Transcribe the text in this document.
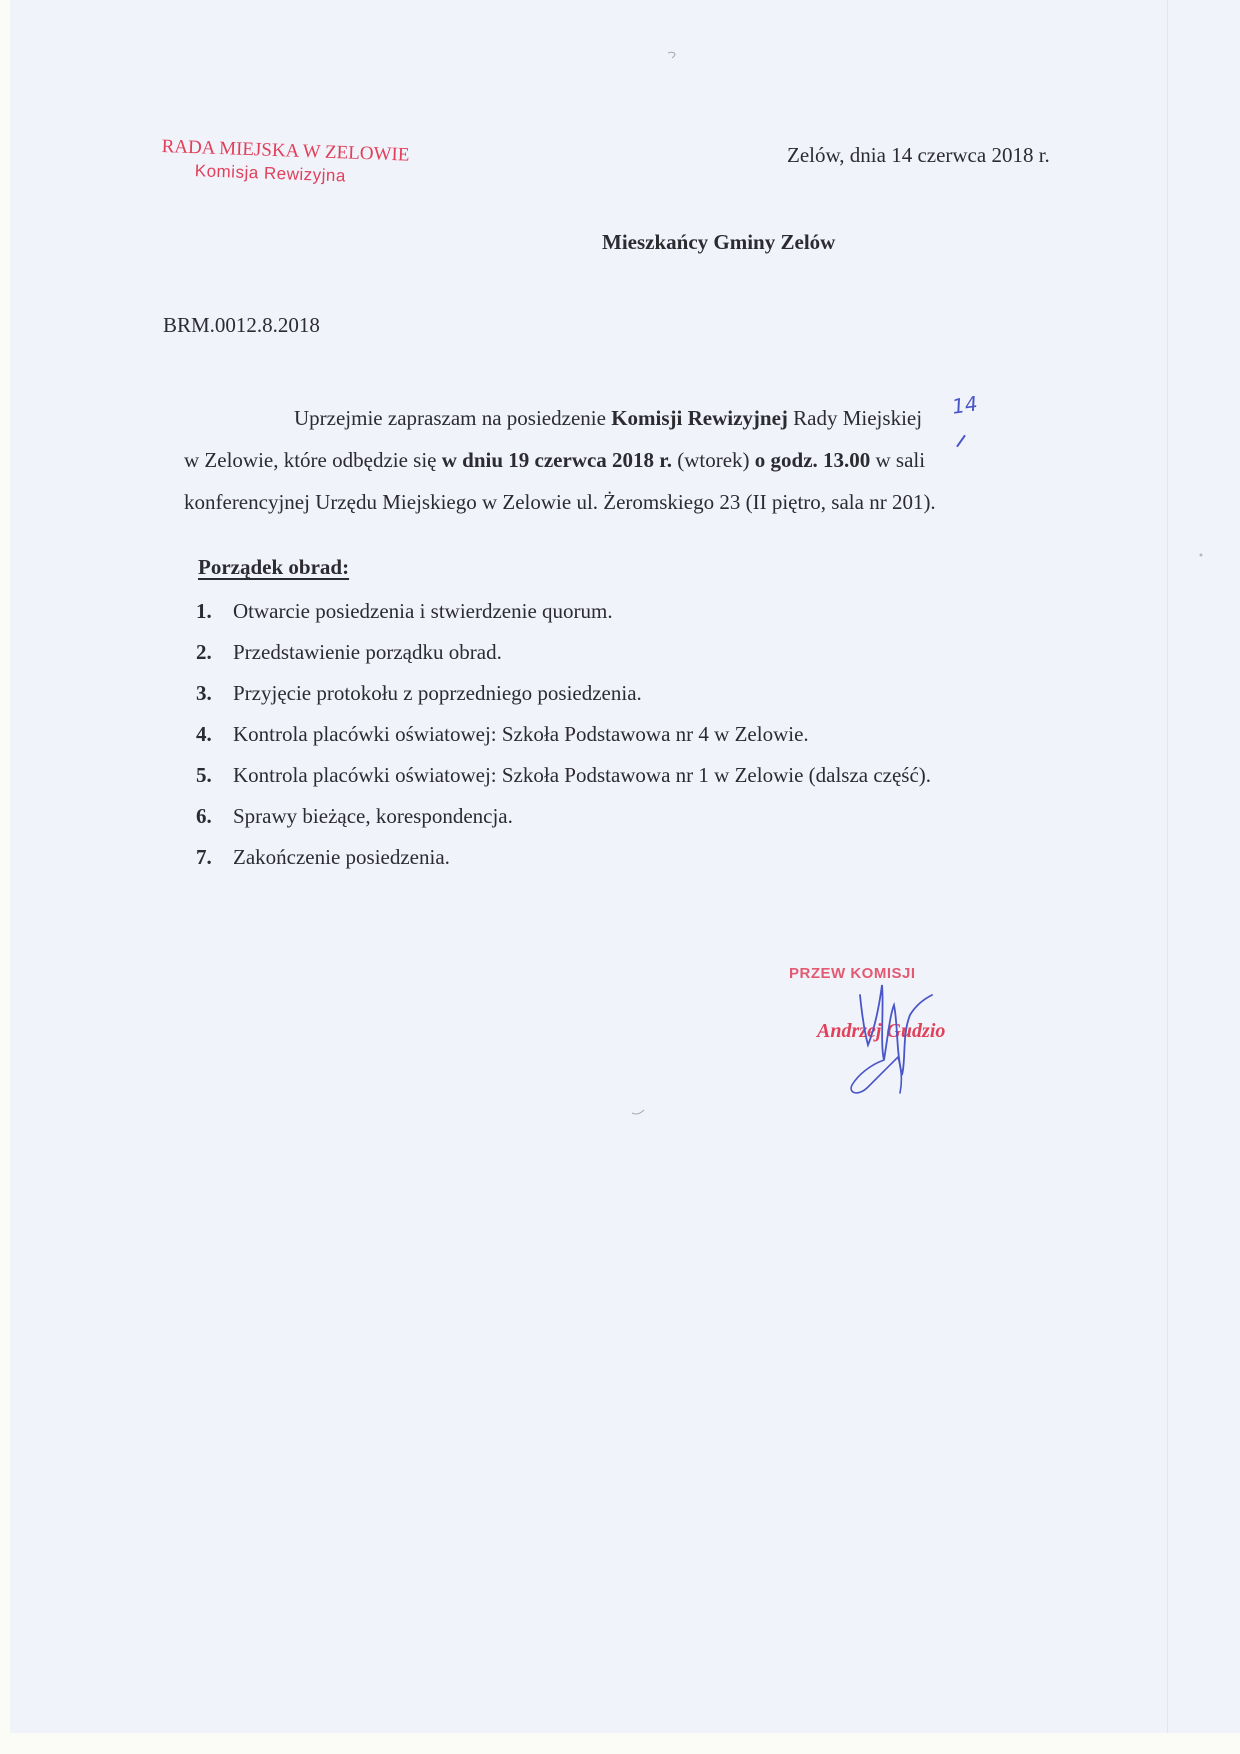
RADA MIEJSKA W ZELOWIE
Komisja Rewizyjna
Zelów, dnia 14 czerwca 2018 r.
Mieszkańcy Gminy Zelów
BRM.0012.8.2018
Uprzejmie zapraszam na posiedzenie Komisji Rewizyjnej Rady Miejskiej
w Zelowie, które odbędzie się w dniu 19 czerwca 2018 r. (wtorek) o godz. 13.00 w sali
konferencyjnej Urzędu Miejskiego w Zelowie ul. Żeromskiego 23 (II piętro, sala nr 201).
14
Porządek obrad:
1. Otwarcie posiedzenia i stwierdzenie quorum.
2. Przedstawienie porządku obrad.
3. Przyjęcie protokołu z poprzedniego posiedzenia.
4. Kontrola placówki oświatowej: Szkoła Podstawowa nr 4 w Zelowie.
5. Kontrola placówki oświatowej: Szkoła Podstawowa nr 1 w Zelowie (dalsza część).
6. Sprawy bieżące, korespondencja.
7. Zakończenie posiedzenia.
PRZEW KOMISJI
Andrzej Gudzio
